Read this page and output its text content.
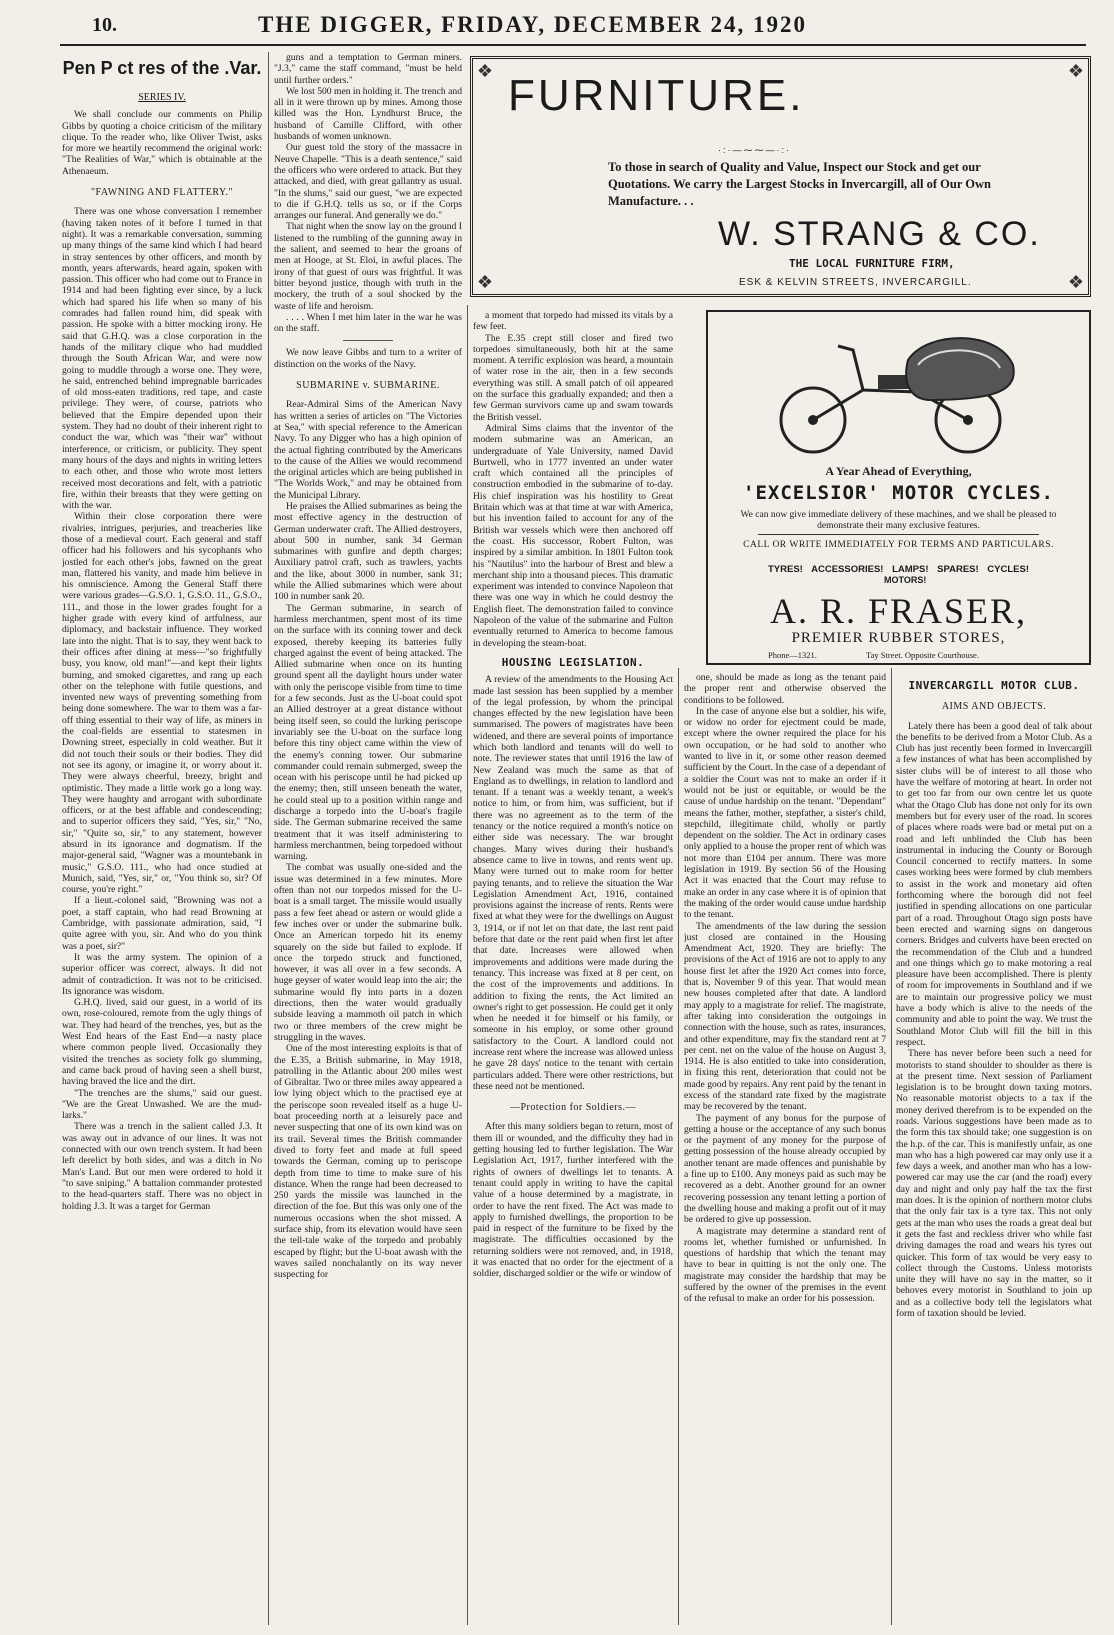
10.	THE DIGGER, FRIDAY, DECEMBER 24, 1920
Pen P ct res of the .Var.
SERIES IV.

We shall conclude our comments on Philip Gibbs by quoting a choice criticism of the military clique. To the reader who, like Oliver Twist, asks for more we heartily recommend the original work: "The Realities of War," which is obtainable at the Athenaeum.

"FAWNING AND FLATTERY."

There was one whose conversation I remember (having taken notes of it before I turned in that night). It was a remarkable conversation, summing up many things of the same kind which I had heard in stray sentences by other officers, and month by month, years afterwards, heard again, spoken with passion. This officer who had come out to France in 1914 and had been fighting ever since, by a luck which had spared his life when so many of his comrades had fallen round him, did speak with passion. He spoke with a bitter mocking irony. He said that G.H.Q. was a close corporation in the hands of the military clique who had muddled through the South African War, and were now going to muddle through a worse one. They were, he said, entrenched behind impregnable barricades of old moss-eaten traditions, red tape, and caste privilege. They were, of course, patriots who believed that the Empire depended upon their system. They had no doubt of their inherent right to conduct the war, which was "their war" without interference, or criticism, or publicity. They spent many hours of the days and nights in writing letters to each other, and those who wrote most letters received most decorations and felt, with a patriotic fire, within their breasts that they were getting on with the war.

Within their close corporation there were rivalries, intrigues, perjuries, and treacheries like those of a medieval court. Each general and staff officer had his followers and his sycophants who jostled for each other's jobs, fawned on the great man, flattered his vanity, and made him believe in his omniscience. Among the General Staff there were various grades—G.S.O. 1, G.S.O. 11., G.S.O., 111., and those in the lower grades fought for a higher grade with every kind of artfulness, aur diplomacy, and backstair influence. They worked late into the night. That is to say, they went back to their offices after dining at mess—"so frightfully busy, you know, old man!"—and kept their lights burning, and smoked cigarettes, and rang up each other on the telephone with futile questions, and invented new ways of preventing something from being done somewhere. The war to them was a far-off thing essential to their way of life, as miners in the coal-fields are essential to statesmen in Downing street, especially in cold weather. But it did not touch their souls or their bodies. They did not see its agony, or imagine it, or worry about it. They were always cheerful, breezy, bright and optimistic. They made a little work go a long way. They were haughty and arrogant with subordinate officers, or at the best affable and condescending; and to superior officers they said, "Yes, sir," "No, sir," "Quite so, sir," to any statement, however absurd in its ignorance and dogmatism. If the major-general said, "Wagner was a mountebank in music," G.S.O. 111., who had once studied at Munich, said, "Yes, sir," or, "You think so, sir? Of course, you're right."

If a lieut.-colonel said, "Browning was not a poet, a staff captain, who had read Browning at Cambridge, with passionate admiration, said, "I quite agree with you, sir. And who do you think was a poet, sir?"

It was the army system. The opinion of a superior officer was correct, always. It did not admit of contradiction. It was not to be criticised. Its ignorance was wisdom.

G.H.Q. lived, said our guest, in a world of its own, rose-coloured, remote from the ugly things of war. They had heard of the trenches, yes, but as the West End hears of the East End—a nasty place where common people lived. Occasionally they visited the trenches as society folk go slumming, and came back proud of having seen a shell burst, having braved the lice and the dirt.

"The trenches are the slums," said our guest. "We are the Great Unwashed. We are the mud-larks."

There was a trench in the salient called J.3. It was away out in advance of our lines. It was not connected with our own trench system. It had been left derelict by both sides, and was a ditch in No Man's Land. But our men were ordered to hold it "to save sniping." A battalion commander protested to the head-quarters staff. There was no object in holding J.3. It was a target for German

guns and a temptation to German miners. "J.3," came the staff command, "must be held until further orders."

We lost 500 men in holding it. The trench and all in it were thrown up by mines. Among those killed was the Hon. Lyndhurst Bruce, the husband of Camille Clifford, with other husbands of women unknown.

Our guest told the story of the massacre in Neuve Chapelle. "This is a death sentence," said the officers who were ordered to attack. But they attacked, and died, with great gallantry as usual. "In the slums," said our guest, "we are expected to die if G.H.Q. tells us so, or if the Corps arranges our funeral. And generally we do."

That night when the snow lay on the ground I listened to the rumbling of the gunning away in the salient, and seemed to hear the groans of men at Hooge, at St. Eloi, in awful places. The irony of that guest of ours was frightful. It was bitter beyond justice, though with truth in the mockery, the truth of a soul shocked by the waste of life and heroism.

. . . . When I met him later in the war he was on the staff.

We now leave Gibbs and turn to a writer of distinction on the works of the Navy.

SUBMARINE v. SUBMARINE.

Rear-Admiral Sims of the American Navy has written a series of articles on "The Victories at Sea," with special reference to the American Navy. To any Digger who has a high opinion of the actual fighting contributed by the Americans to the cause of the Allies we would recommend the original articles which are being published in "The Worlds Work," and may be obtained from the Municipal Library.

He praises the Allied submarines as being the most effective agency in the destruction of German underwater craft. The Allied destroyers, about 500 in number, sank 34 German submarines with gunfire and depth charges; Auxiliary patrol craft, such as trawlers, yachts and the like, about 3000 in number, sank 31; while the Allied submarines which were about 100 in number sank 20.

The German submarine, in search of harmless merchantmen, spent most of its time on the surface with its conning tower and deck exposed, thereby keeping its batteries fully charged against the event of being attacked. The Allied submarine when once on its hunting ground spent all the daylight hours under water with only the periscope visible from time to time for a few seconds. Just as the U-boat could spot an Allied destroyer at a great distance without being itself seen, so could the lurking periscope invariably see the U-boat on the surface long before this tiny object came within the view of the enemy's conning tower. Our submarine commander could remain submerged, sweep the ocean with his periscope until he had picked up the enemy; then, still unseen beneath the water, he could steal up to a position within range and discharge a torpedo into the U-boat's fragile side. The German submarine received the same treatment that it was itself administering to harmless merchantmen, being torpedoed without warning.

The combat was usually one-sided and the issue was determined in a few minutes. More often than not our torpedos missed for the U-boat is a small target. The missile would usually pass a few feet ahead or astern or would glide a few inches over or under the submarine bulk. Once an American torpedo hit its enemy squarely on the side but failed to explode. If once the torpedo struck and functioned, however, it was all over in a few seconds. A huge geyser of water would leap into the air; the submarine would fly into parts in a dozen directions, then the water would gradually subside leaving a mammoth oil patch in which two or three members of the crew might be struggling in the waves.

One of the most interesting exploits is that of the E.35, a British submarine, in May 1918, patrolling in the Atlantic about 200 miles west of Gibraltar. Two or three miles away appeared a low lying object which to the practised eye at the periscope soon revealed itself as a huge U-boat proceeding north at a leisurely pace and never suspecting that one of its own kind was on its trail. Several times the British commander dived to forty feet and made at full speed towards the German, coming up to periscope depth from time to time to make sure of his distance. When the range had been decreased to 250 yards the missile was launched in the direction of the foe. But this was only one of the numerous occasions when the shot missed. A surface ship, from its elevation would have seen the tell-tale wake of the torpedo and probably escaped by flight; but the U-boat awash with the waves sailed nonchalantly on its way never suspecting for

❖	❖
❖	❖
FURNITURE.
·:·—⁓⁓—·:·
To those in search of Quality and Value, Inspect our Stock and get our Quotations. We carry the Largest Stocks in Invercargill, all of Our Own Manufacture. . .
W. STRANG & CO.
THE LOCAL FURNITURE FIRM,
ESK & KELVIN STREETS, INVERCARGILL.

a moment that torpedo had missed its vitals by a few feet.

The E.35 crept still closer and fired two torpedoes simultaneously, both hit at the same moment. A terrific explosion was heard, a mountain of water rose in the air, then in a few seconds everything was still. A small patch of oil appeared on the surface this gradually expanded; and then a few German survivors came up and swam towards the British vessel.

Admiral Sims claims that the inventor of the modern submarine was an American, an undergraduate of Yale University, named David Burtwell, who in 1777 invented an under water craft which contained all the principles of construction embodied in the submarine of to-day. His chief inspiration was his hostility to Great Britain which was at that time at war with America, but his invention failed to account for any of the British war vessels which were then anchored off the coast. His successor, Robert Fulton, was inspired by a similar ambition. In 1801 Fulton took his "Nautilus" into the harbour of Brest and blew a merchant ship into a thousand pieces. This dramatic experiment was intended to convince Napoleon that there was one way in which he could destroy the English fleet. The demonstration failed to convince Napoleon of the value of the submarine and Fulton eventually returned to America to become famous in developing the steam-boat.

HOUSING LEGISLATION.

A review of the amendments to the Housing Act made last session has been supplied by a member of the legal profession, by whom the principal changes effected by the new legislation have been summarised. The powers of magistrates have been widened, and there are several points of importance which both landlord and tenants will do well to note. The reviewer states that until 1916 the law of New Zealand was much the same as that of England as to dwellings, in relation to landlord and tenant. If a tenant was a weekly tenant, a week's notice to him, or from him, was sufficient, but if there was no agreement as to the term of the tenancy or the notice required a month's notice on either side was necessary. The war brought changes. Many wives during their husband's absence came to live in towns, and rents went up. Many were turned out to make room for better paying tenants, and to relieve the situation the War Legislation Amendment Act, 1916, contained provisions against the increase of rents. Rents were fixed at what they were for the dwellings on August 3, 1914, or if not let on that date, the last rent paid before that date or the rent paid when first let after that date. Increases were allowed when improvements and additions were made during the tenancy. This increase was fixed at 8 per cent, on the cost of the improvements and additions. In addition to fixing the rents, the Act limited an owner's right to get possession. He could get it only when he needed it for himself or his family, or someone in his employ, or some other ground satisfactory to the Court. A landlord could not increase rent where the increase was allowed unless he gave 28 days' notice to the tenant with certain particulars added. There were other restrictions, but these need not be mentioned.

—Protection for Soldiers.—

After this many soldiers began to return, most of them ill or wounded, and the difficulty they had in getting housing led to further legislation. The War Legislation Act, 1917, further interfered with the rights of owners of dwellings let to tenants. A tenant could apply in writing to have the capital value of a house determined by a magistrate, in order to have the rent fixed. The Act was made to apply to furnished dwellings, the proportion to be paid in respect of the furniture to be fixed by the magistrate. The difficulties occasioned by the returning soldiers were not removed, and, in 1918, it was enacted that no order for the ejectment of a soldier, discharged soldier or the wife or window of

A Year Ahead of Everything,
'EXCELSIOR' MOTOR CYCLES.
We can now give immediate delivery of these machines, and we shall be pleased to demonstrate their many exclusive features.
CALL OR WRITE IMMEDIATELY FOR TERMS AND PARTICULARS.
TYRES! ACCESSORIES! LAMPS! SPARES! CYCLES!
MOTORS!
A. R. FRASER,
PREMIER RUBBER STORES,
Phone—1321.	Tay Street. Opposite Courthouse.

one, should be made as long as the tenant paid the proper rent and otherwise observed the conditions to be followed.

In the case of anyone else but a soldier, his wife, or widow no order for ejectment could be made, except where the owner required the place for his own occupation, or he had sold to another who wanted to live in it, or some other reason deemed sufficient by the Court. In the case of a dependant of a soldier the Court was not to make an order if it would not be just or equitable, or would be the cause of undue hardship on the tenant. "Dependant" means the father, mother, stepfather, a sister's child, stepchild, illegitimate child, wholly or partly dependent on the soldier. The Act in ordinary cases only applied to a house the proper rent of which was not more than £104 per annum. There was more legislation in 1919. By section 56 of the Housing Act it was enacted that the Court may refuse to make an order in any case where it is of opinion that the making of the order would cause undue hardship to the tenant.

The amendments of the law during the session just closed are contained in the Housing Amendment Act, 1920. They are briefly: The provisions of the Act of 1916 are not to apply to any house first let after the 1920 Act comes into force, that is, November 9 of this year. That would mean new houses completed after that date. A landlord may apply to a magistrate for relief. The magistrate, after taking into consideration the outgoings in connection with the house, such as rates, insurances, and other expenditure, may fix the standard rent at 7 per cent. net on the value of the house on August 3, 1914. He is also entitled to take into consideration, in fixing this rent, deterioration that could not be made good by repairs. Any rent paid by the tenant in excess of the standard rate fixed by the magistrate may be recovered by the tenant.

The payment of any bonus for the purpose of getting a house or the acceptance of any such bonus or the payment of any money for the purpose of getting possession of the house already occupied by another tenant are made offences and punishable by a fine up to £100. Any moneys paid as such may be recovered as a debt. Another ground for an owner recovering possession any tenant letting a portion of the dwelling house and making a profit out of it may be ordered to give up possession.

A magistrate may determine a standard rent of rooms let, whether furnished or unfurnished. In questions of hardship that which the tenant may have to bear in quitting is not the only one. The magistrate may consider the hardship that may be suffered by the owner of the premises in the event of the refusal to make an order for his possession.

INVERCARGILL MOTOR CLUB.
AIMS AND OBJECTS.

Lately there has been a good deal of talk about the benefits to be derived from a Motor Club. As a Club has just recently been formed in Invercargill a few instances of what has been accomplished by sister clubs will be of interest to all those who have the welfare of motoring at heart. In order not to get too far from our own centre let us quote what the Otago Club has done not only for its own members but for every user of the road. In scores of places where roads were bad or metal put on a road and left unblinded the Club has been instrumental in inducing the County or Borough Council concerned to rectify matters. In some cases working bees were formed by club members to assist in the work and monetary aid often forthcoming where the borough did not feel justified in spending allocations on one particular part of a road. Throughout Otago sign posts have been erected and warning signs on dangerous corners. Bridges and culverts have been erected on the recommendation of the Club and a hundred and one things which go to make motoring a real pleasure have been accomplished. There is plenty of room for improvements in Southland and if we are to maintain our progressive policy we must have a body which is alive to the needs of the community and able to point the way. We trust the Southland Motor Club will fill the bill in this respect.

There has never before been such a need for motorists to stand shoulder to shoulder as there is at the present time. Next session of Parliament legislation is to be brought down taxing motors. No reasonable motorist objects to a tax if the money derived therefrom is to be expended on the roads. Various suggestions have been made as to the form this tax should take; one suggestion is on the h.p. of the car. This is manifestly unfair, as one man who has a high powered car may only use it a few days a week, and another man who has a low-powered car may use the car (and the road) every day and night and only pay half the tax the first man does. It is the opinion of northern motor clubs that the only fair tax is a tyre tax. This not only gets at the man who uses the roads a great deal but it gets the fast and reckless driver who while fast driving damages the road and wears his tyres out quicker. This form of tax would be very easy to collect through the Customs. Unless motorists unite they will have no say in the matter, so it behoves every motorist in Southland to join up and as a collective body tell the legislators what form of taxation should be levied.
